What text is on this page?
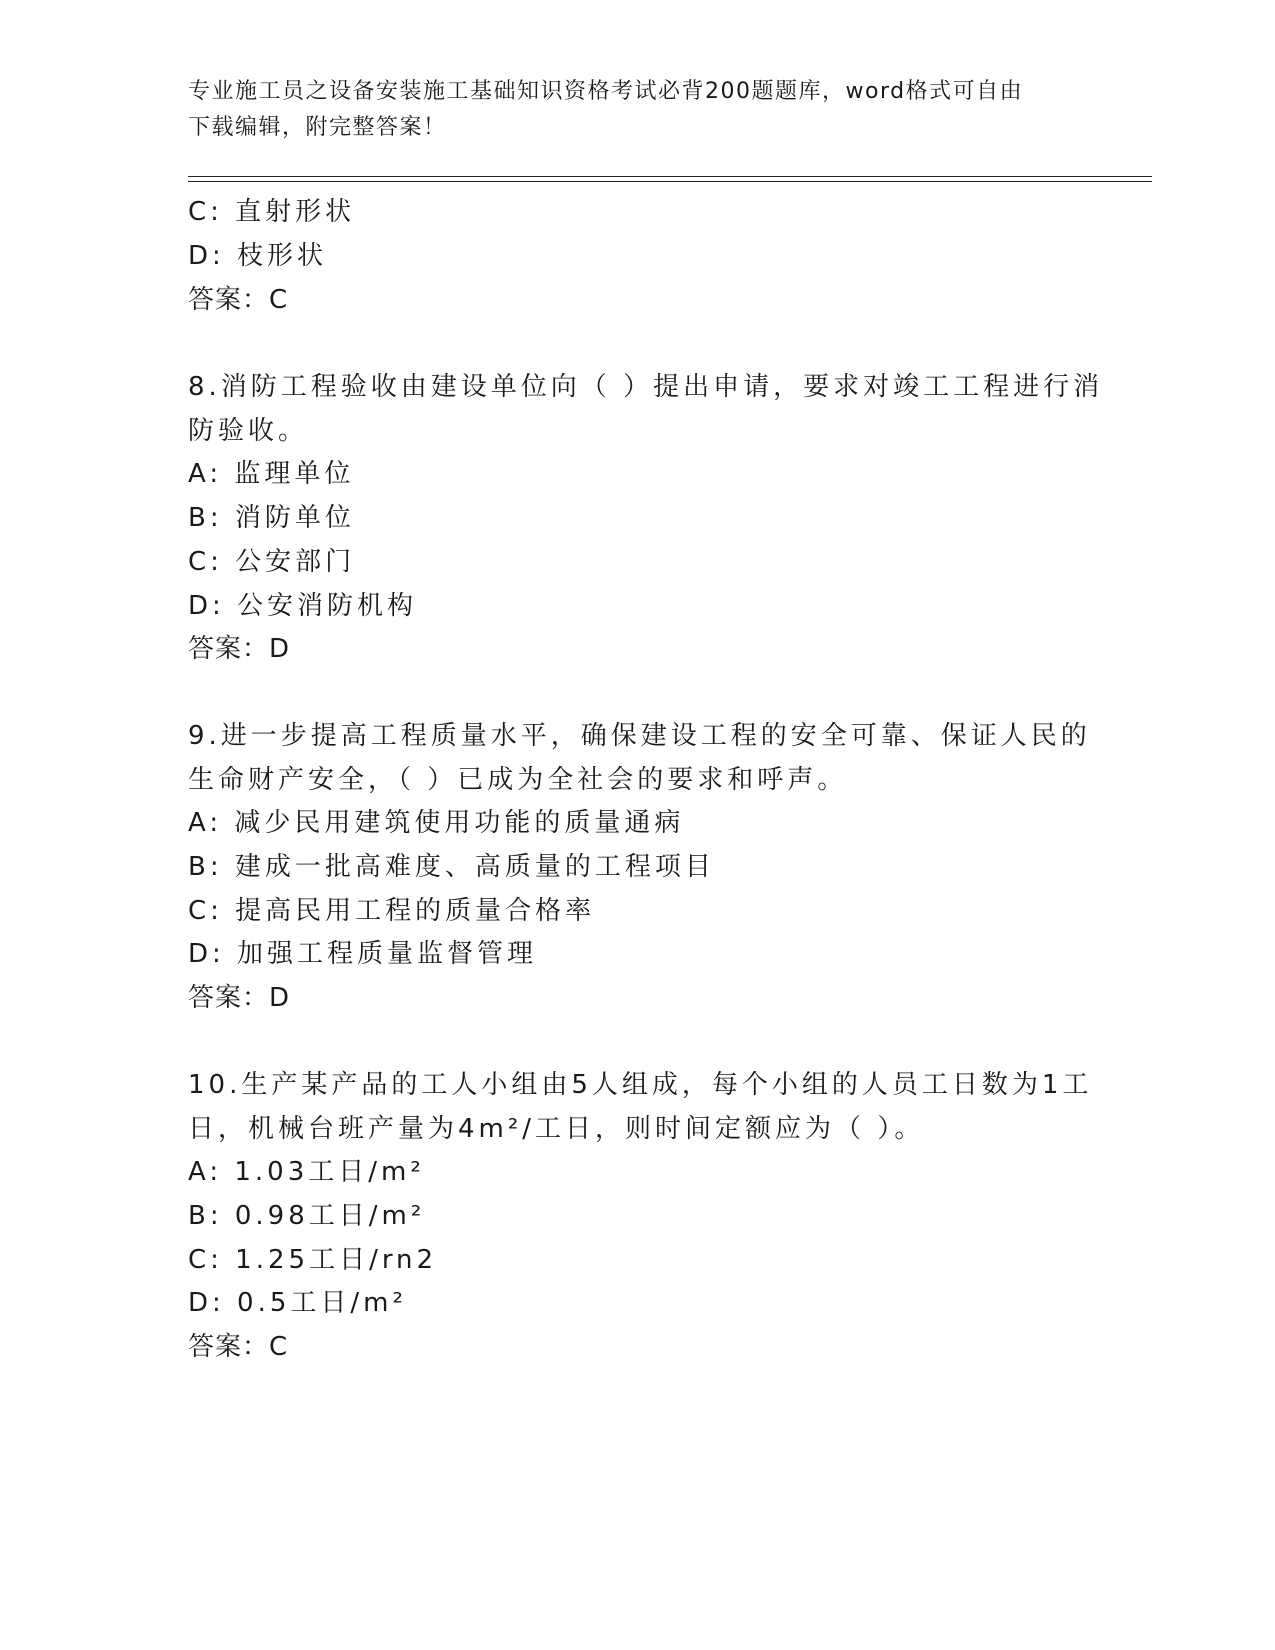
专业施工员之设备安装施工基础知识资格考试必背200题题库，word格式可自由
下载编辑，附完整答案！
C: 直射形状
D: 枝形状
答案：C
8.消防工程验收由建设单位向（ ）提出申请，要求对竣工工程进行消
防验收。
A: 监理单位
B: 消防单位
C: 公安部门
D: 公安消防机构
答案：D
9.进一步提高工程质量水平，确保建设工程的安全可靠、保证人民的
生命财产安全，（ ）已成为全社会的要求和呼声。
A: 减少民用建筑使用功能的质量通病
B: 建成一批高难度、高质量的工程项目
C: 提高民用工程的质量合格率
D: 加强工程质量监督管理
答案：D
10.生产某产品的工人小组由5人组成，每个小组的人员工日数为1工
日，机械台班产量为4m²/工日，则时间定额应为（ ）。
A: 1.03工日/m²
B: 0.98工日/m²
C: 1.25工日/rn2
D: 0.5工日/m²
答案：C
